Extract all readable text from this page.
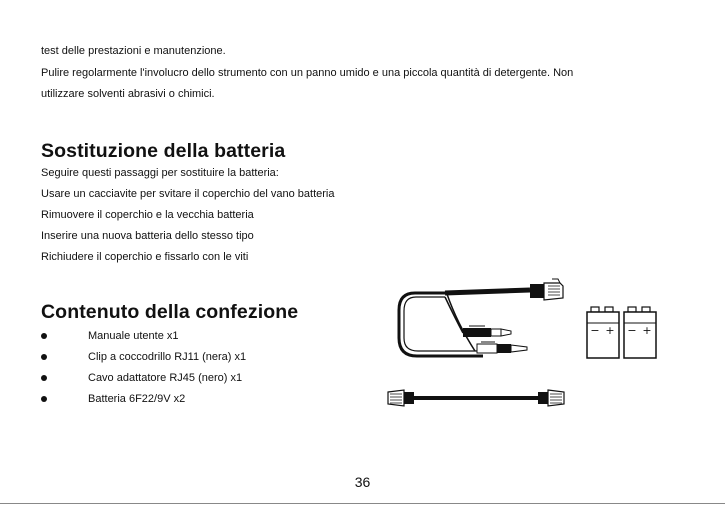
test delle prestazioni e manutenzione.
Pulire regolarmente l'involucro dello strumento con un panno umido e una piccola quantità di detergente. Non
utilizzare solventi abrasivi o chimici.
Sostituzione della batteria
Seguire questi passaggi per sostituire la batteria:
Usare un cacciavite per svitare il coperchio del vano batteria
Rimuovere il coperchio e la vecchia batteria
Inserire una nuova batteria dello stesso tipo
Richiudere il coperchio e fissarlo con le viti
Contenuto della confezione
Manuale utente x1
Clip a coccodrillo RJ11 (nera) x1
Cavo adattatore RJ45 (nero) x1
Batteria 6F22/9V x2
− + − +
36
